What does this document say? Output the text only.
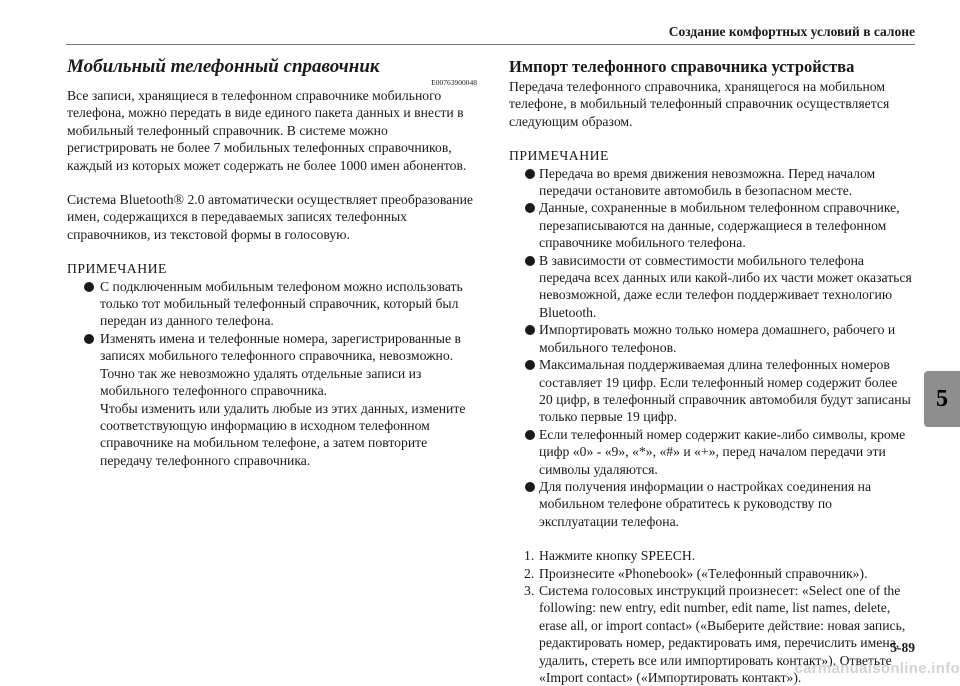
Создание комфортных условий в салоне
Мобильный телефонный справочник
E00763900048

Все записи, хранящиеся в телефонном справочнике мобильного телефона, можно передать в виде единого пакета данных и внести в мобильный телефонный справочник. В системе можно регистрировать не более 7 мобильных телефонных справочников, каждый из которых может содержать не более 1000 имен абонентов.

Система Bluetooth® 2.0 автоматически осуществляет преобразование имен, содержащихся в передаваемых записях телефонных справочников, из текстовой формы в голосовую.

ПРИМЕЧАНИЕ
С подключенным мобильным телефоном можно использовать только тот мобильный телефонный справочник, который был передан из данного телефона.
Изменять имена и телефонные номера, зарегистрированные в записях мобильного телефонного справочника, невозможно. Точно так же невозможно удалять отдельные записи из мобильного телефонного справочника.
Чтобы изменить или удалить любые из этих данных, измените соответствующую информацию в исходном телефонном справочнике на мобильном телефоне, а затем повторите передачу телефонного справочника.
Импорт телефонного справочника устройства

Передача телефонного справочника, хранящегося на мобильном телефоне, в мобильный телефонный справочник осуществляется следующим образом.

ПРИМЕЧАНИЕ
Передача во время движения невозможна. Перед началом передачи остановите автомобиль в безопасном месте.
Данные, сохраненные в мобильном телефонном справочнике, перезаписываются на данные, содержащиеся в телефонном справочнике мобильного телефона.
В зависимости от совместимости мобильного телефона передача всех данных или какой-либо их части может оказаться невозможной, даже если телефон поддерживает технологию Bluetooth.
Импортировать можно только номера домашнего, рабочего и мобильного телефонов.
Максимальная поддерживаемая длина телефонных номеров составляет 19 цифр. Если телефонный номер содержит более 20 цифр, в телефонный справочник автомобиля будут записаны только первые 19 цифр.
Если телефонный номер содержит какие-либо символы, кроме цифр «0» - «9», «*», «#» и «+», перед началом передачи эти символы удаляются.
Для получения информации о настройках соединения на мобильном телефоне обратитесь к руководству по эксплуатации телефона.
1. Нажмите кнопку SPEECH.
2. Произнесите «Phonebook» («Телефонный справочник»).
3. Система голосовых инструкций произнесет: «Select one of the following: new entry, edit number, edit name, list names, delete, erase all, or import contact» («Выберите действие: новая запись, редактировать номер, редактировать имя, перечислить имена, удалить, стереть все или импортировать контакт»). Ответьте «Import contact» («Импортировать контакт»).
5
5-89
carmanualsonline.info
